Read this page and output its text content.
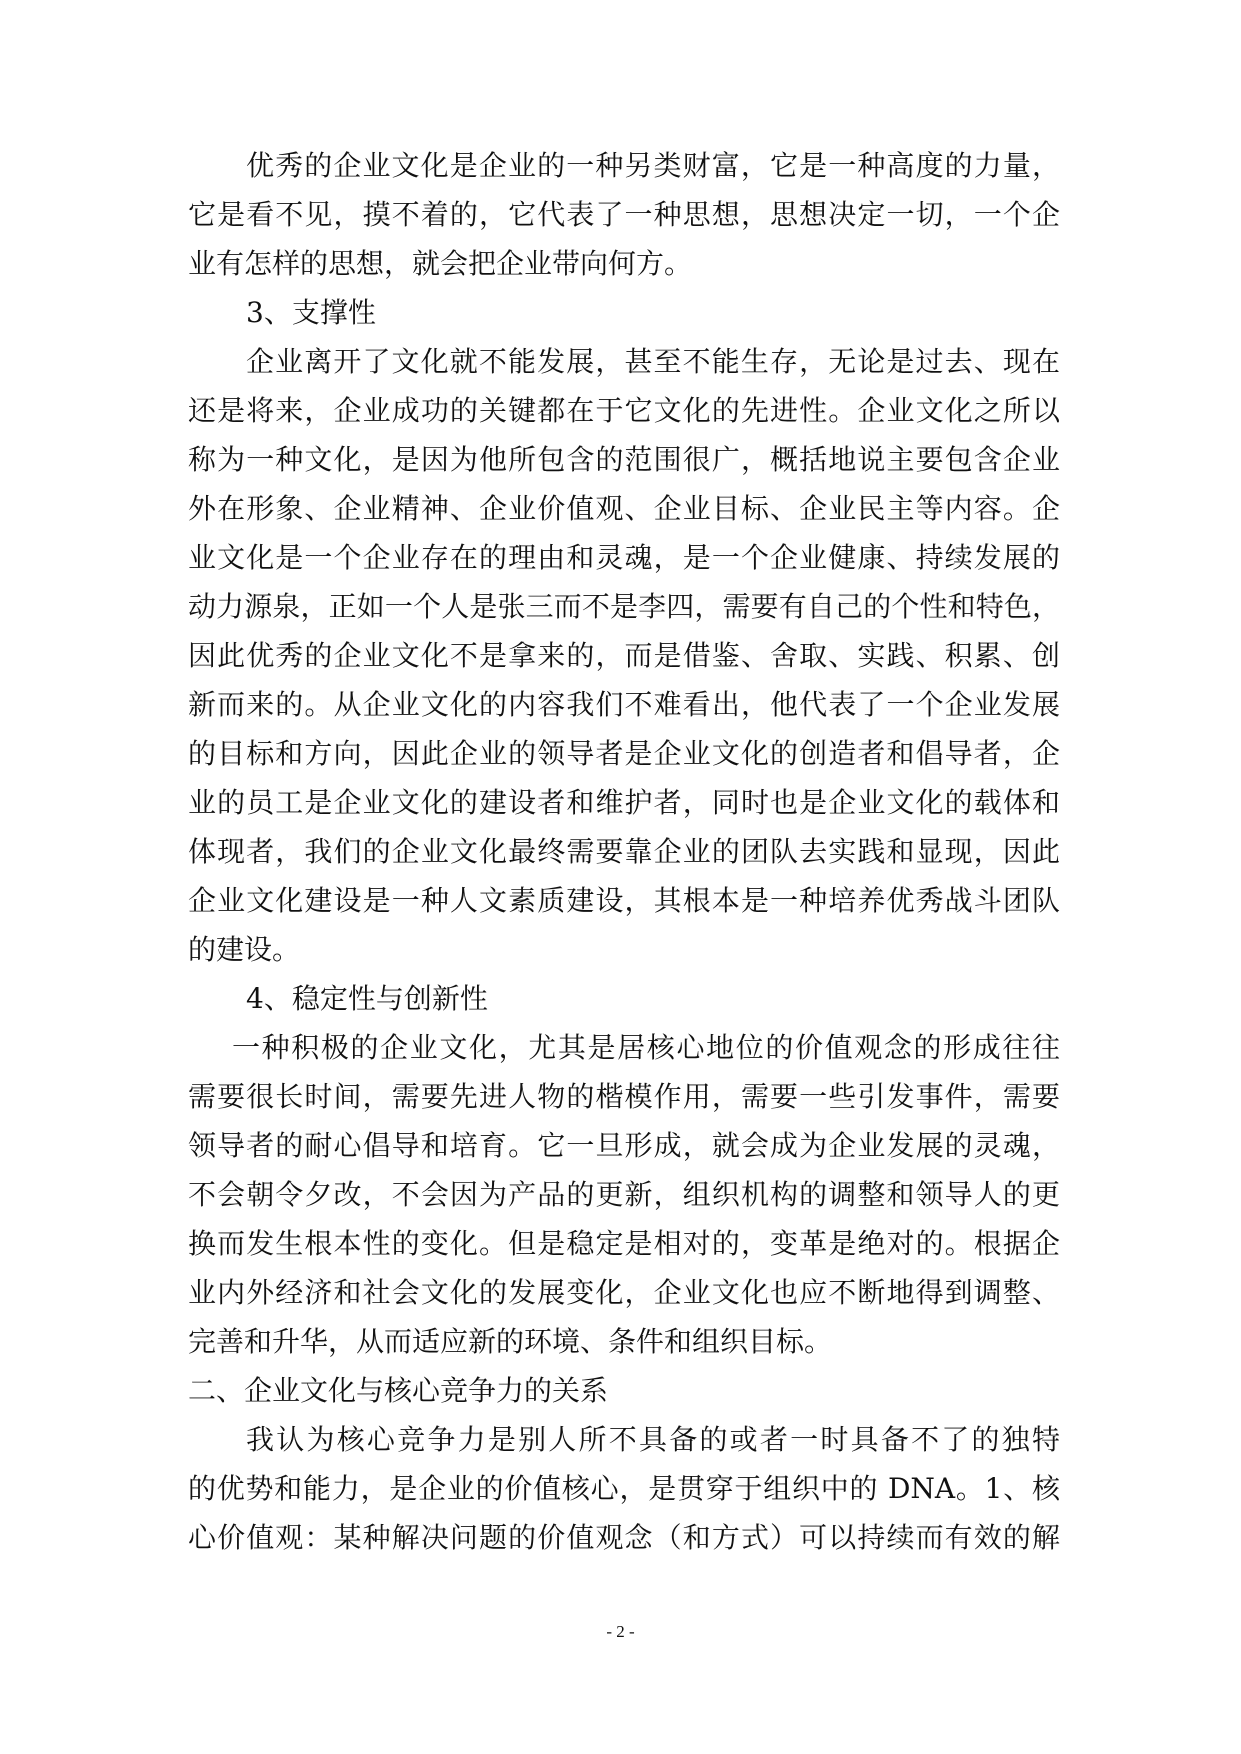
优秀的企业文化是企业的一种另类财富，它是一种高度的力量，
它是看不见，摸不着的，它代表了一种思想，思想决定一切，一个企
业有怎样的思想，就会把企业带向何方。
3、支撑性
企业离开了文化就不能发展，甚至不能生存，无论是过去、现在
还是将来，企业成功的关键都在于它文化的先进性。企业文化之所以
称为一种文化，是因为他所包含的范围很广，概括地说主要包含企业
外在形象、企业精神、企业价值观、企业目标、企业民主等内容。企
业文化是一个企业存在的理由和灵魂，是一个企业健康、持续发展的
动力源泉，正如一个人是张三而不是李四，需要有自己的个性和特色，
因此优秀的企业文化不是拿来的，而是借鉴、舍取、实践、积累、创
新而来的。从企业文化的内容我们不难看出，他代表了一个企业发展
的目标和方向，因此企业的领导者是企业文化的创造者和倡导者，企
业的员工是企业文化的建设者和维护者，同时也是企业文化的载体和
体现者，我们的企业文化最终需要靠企业的团队去实践和显现，因此
企业文化建设是一种人文素质建设，其根本是一种培养优秀战斗团队
的建设。
4、稳定性与创新性
一种积极的企业文化，尤其是居核心地位的价值观念的形成往往
需要很长时间，需要先进人物的楷模作用，需要一些引发事件，需要
领导者的耐心倡导和培育。它一旦形成，就会成为企业发展的灵魂，
不会朝令夕改，不会因为产品的更新，组织机构的调整和领导人的更
换而发生根本性的变化。但是稳定是相对的，变革是绝对的。根据企
业内外经济和社会文化的发展变化，企业文化也应不断地得到调整、
完善和升华，从而适应新的环境、条件和组织目标。
二、企业文化与核心竞争力的关系
我认为核心竞争力是别人所不具备的或者一时具备不了的独特
的优势和能力，是企业的价值核心，是贯穿于组织中的 DNA。1、核
心价值观：某种解决问题的价值观念（和方式）可以持续而有效的解
- 2 -
